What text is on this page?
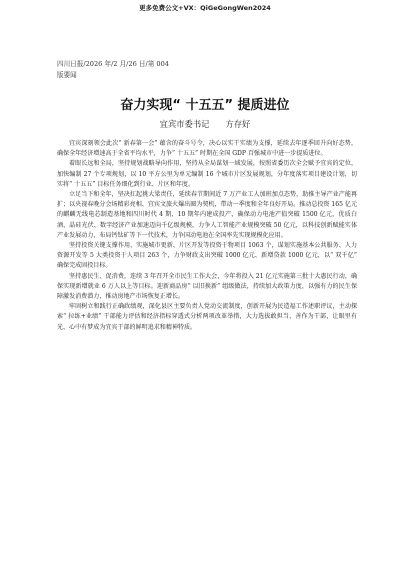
更多免费公文+VX：QiGeGongWen2024
四川日报/2026 年/2 月/26 日/第 004
版要闻
奋力实现“ 十五五” 提质进位
宜宾市委书记 方存好

宜宾深刻领会此次“ 新春第一会” 蕴含的奋斗号令，决心以实干实绩为支撑，延续去年逐季回升向好态势，确保全年经济增速高于全省平均水平，力争“ 十五五” 时期在全国 GDP 百强城市中进一步提质进位。

着眼长远和全局，坚持规划战略导向作用，坚持从全局谋划一域发展，按照省委历次全会赋予宜宾的定位，加快编制 27 个专项规划，以 10 平方公里为单元编制 16 个城市片区发展规划，分年度落实项目建设计划，切实将“ 十五五” 目标任务细化到行业、片区和年度。

立足当下和全年，坚决扛起挑大梁责任，延续春节期间近 7 万产业工人加班加点态势，助推主导产业产能再扩；以央视春晚分会场精彩亮相、宜宾文旅火爆出圈为契机，带动一季度和全年良好开局。推动总投资 165 亿元的麒麟无线电芯制造基地和四川时代 4 期、10 期年内建成投产，确保动力电池产值突破 1500 亿元，优质白酒、晶硅光伏、数字经济产业加速迈向千亿级规模，力争人工智能产业规模突破 50 亿元，以科技创新赋能实体产业发展动力，布局钙钛矿等下一代技术，力争国动电池在全国率先实现规模化应用。

坚持投资关键支撑作用，实施城市更新、片区开发等投资于物项目 1063 个，谋划实施基本公共服务、人力资源开发等 5 大类投资于人项目 263 个，力争财政支出突破 1000 亿元、新增贷款 1000 亿元，以“ 双千亿” 确保完成固投目标。

坚持惠民生、促消费，连续 3 年召开全市民生工作大会，今年将投入 21 亿元实施第三批十大惠民行动，确保实现新增就业 6 万人以上等目标。迎新商品房“ 以旧换新” 组级做法，持续加大政策力度，以强有力的民生保障激发消费潜力，推动房地产市场恢复正增长。

牢固树立和践行正确政绩观，深化县区主要负责人党动交流制度，创新开展为民造福工作述职评议，主动探索“ 拉练+业绩” 干部能力评估和经济指标穿透式分析两项改革举措，大力选拔敢担当、善作为干部，让眼里有光、心中有梦成为宜宾干部的鲜明追求和精神特质。
